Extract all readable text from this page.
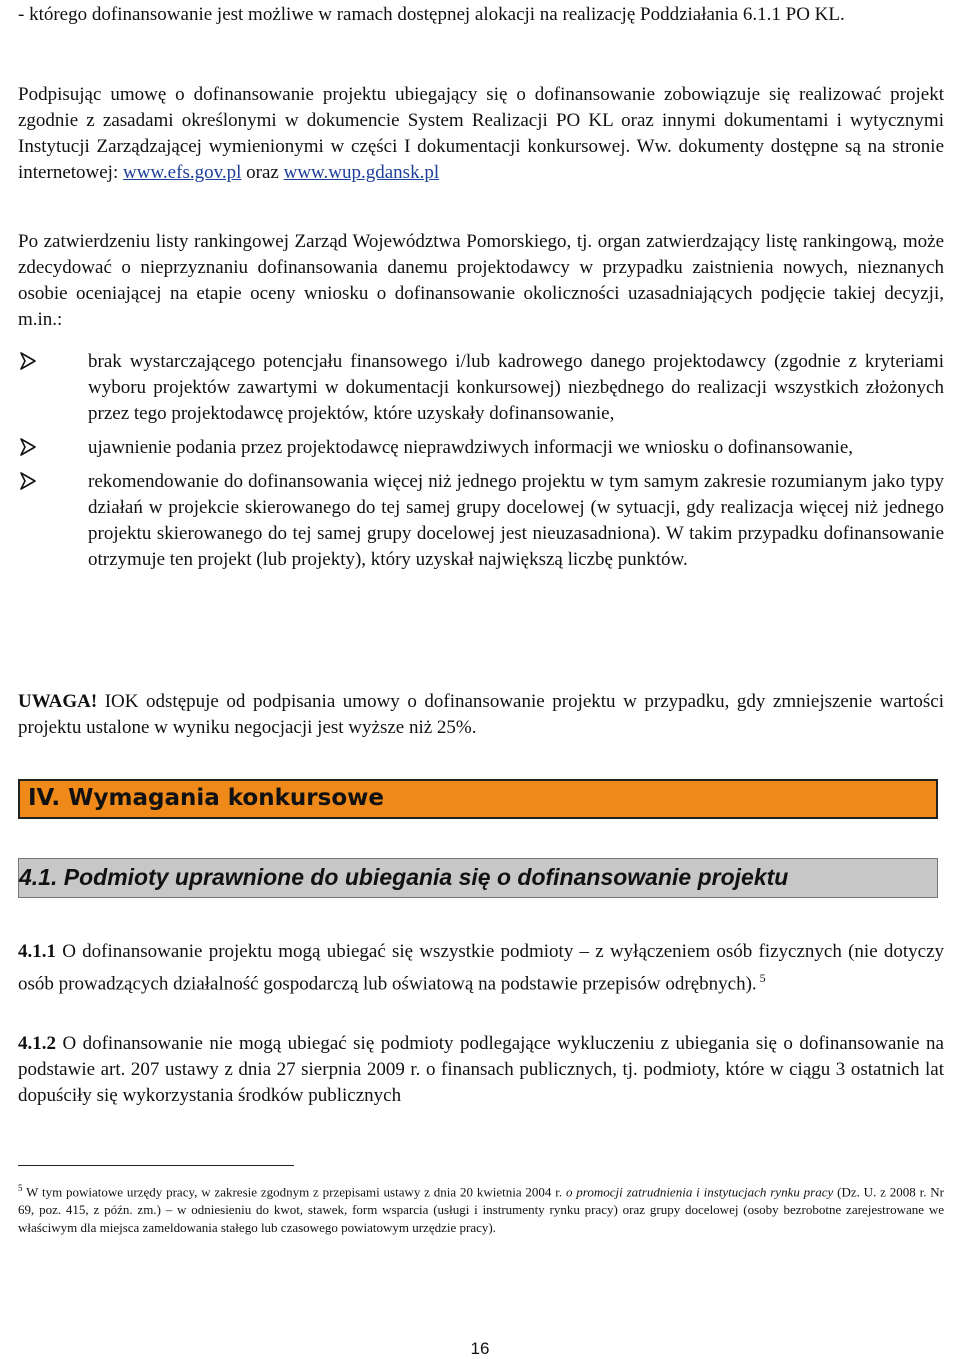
- którego dofinansowanie jest możliwe w ramach dostępnej alokacji na realizację Poddziałania 6.1.1 PO KL.

Podpisując umowę o dofinansowanie projektu ubiegający się o dofinansowanie zobowiązuje się realizować projekt zgodnie z zasadami określonymi w dokumencie System Realizacji PO KL oraz innymi dokumentami i wytycznymi Instytucji Zarządzającej wymienionymi w części I dokumentacji konkursowej. Ww. dokumenty dostępne są na stronie internetowej: www.efs.gov.pl oraz www.wup.gdansk.pl

Po zatwierdzeniu listy rankingowej Zarząd Województwa Pomorskiego, tj. organ zatwierdzający listę rankingową, może zdecydować o nieprzyznaniu dofinansowania danemu projektodawcy w przypadku zaistnienia nowych, nieznanych osobie oceniającej na etapie oceny wniosku o dofinansowanie okoliczności uzasadniających podjęcie takiej decyzji, m.in.:

brak wystarczającego potencjału finansowego i/lub kadrowego danego projektodawcy (zgodnie z kryteriami wyboru projektów zawartymi w dokumentacji konkursowej) niezbędnego do realizacji wszystkich złożonych przez tego projektodawcę projektów, które uzyskały dofinansowanie,
ujawnienie podania przez projektodawcę nieprawdziwych informacji we wniosku o dofinansowanie,
rekomendowanie do dofinansowania więcej niż jednego projektu w tym samym zakresie rozumianym jako typy działań w projekcie skierowanego do tej samej grupy docelowej (w sytuacji, gdy realizacja więcej niż jednego projektu skierowanego do tej samej grupy docelowej jest nieuzasadniona). W takim przypadku dofinansowanie otrzymuje ten projekt (lub projekty), który uzyskał największą liczbę punktów.

UWAGA! IOK odstępuje od podpisania umowy o dofinansowanie projektu w przypadku, gdy zmniejszenie wartości projektu ustalone w wyniku negocjacji jest wyższe niż 25%.

IV. Wymagania konkursowe
4.1. Podmioty uprawnione do ubiegania się o dofinansowanie projektu

4.1.1 O dofinansowanie projektu mogą ubiegać się wszystkie podmioty – z wyłączeniem osób fizycznych (nie dotyczy osób prowadzących działalność gospodarczą lub oświatową na podstawie przepisów odrębnych). $^5$

4.1.2 O dofinansowanie nie mogą ubiegać się podmioty podlegające wykluczeniu z ubiegania się o dofinansowanie na podstawie art. 207 ustawy z dnia 27 sierpnia 2009 r. o finansach publicznych, tj. podmioty, które w ciągu 3 ostatnich lat dopuściły się wykorzystania środków publicznych

$^5$ W tym powiatowe urzędy pracy, w zakresie zgodnym z przepisami ustawy z dnia 20 kwietnia 2004 r. o promocji zatrudnienia i instytucjach rynku pracy (Dz. U. z 2008 r. Nr 69, poz. 415, z późn. zm.) – w odniesieniu do kwot, stawek, form wsparcia (usługi i instrumenty rynku pracy) oraz grupy docelowej (osoby bezrobotne zarejestrowane we właściwym dla miejsca zameldowania stałego lub czasowego powiatowym urzędzie pracy).

16
